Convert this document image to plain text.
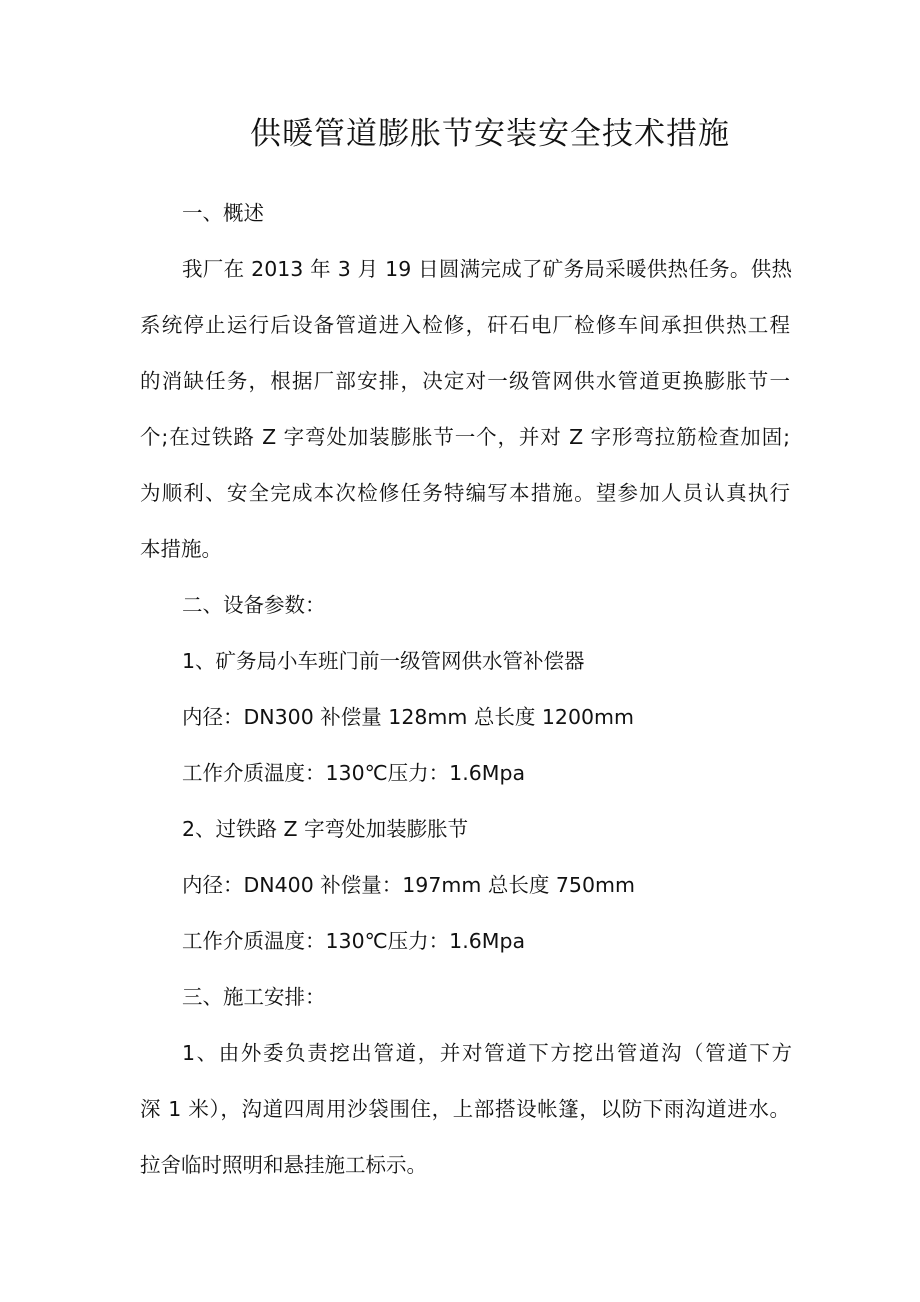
供暖管道膨胀节安装安全技术措施

一、概述

我厂在 2013 年 3 月 19 日圆满完成了矿务局采暖供热任务。供热

系统停止运行后设备管道进入检修，矸石电厂检修车间承担供热工程

的消缺任务，根据厂部安排，决定对一级管网供水管道更换膨胀节一

个;在过铁路 Z 字弯处加装膨胀节一个，并对 Z 字形弯拉筋检查加固;

为顺利、安全完成本次检修任务特编写本措施。望参加人员认真执行

本措施。

二、设备参数：

1、矿务局小车班门前一级管网供水管补偿器

内径：DN300 补偿量 128mm 总长度 1200mm

工作介质温度：130℃压力：1.6Mpa

2、过铁路 Z 字弯处加装膨胀节

内径：DN400 补偿量：197mm 总长度 750mm

工作介质温度：130℃压力：1.6Mpa

三、施工安排：

1、由外委负责挖出管道，并对管道下方挖出管道沟（管道下方

深 1 米），沟道四周用沙袋围住，上部搭设帐篷，以防下雨沟道进水。

拉舍临时照明和悬挂施工标示。
